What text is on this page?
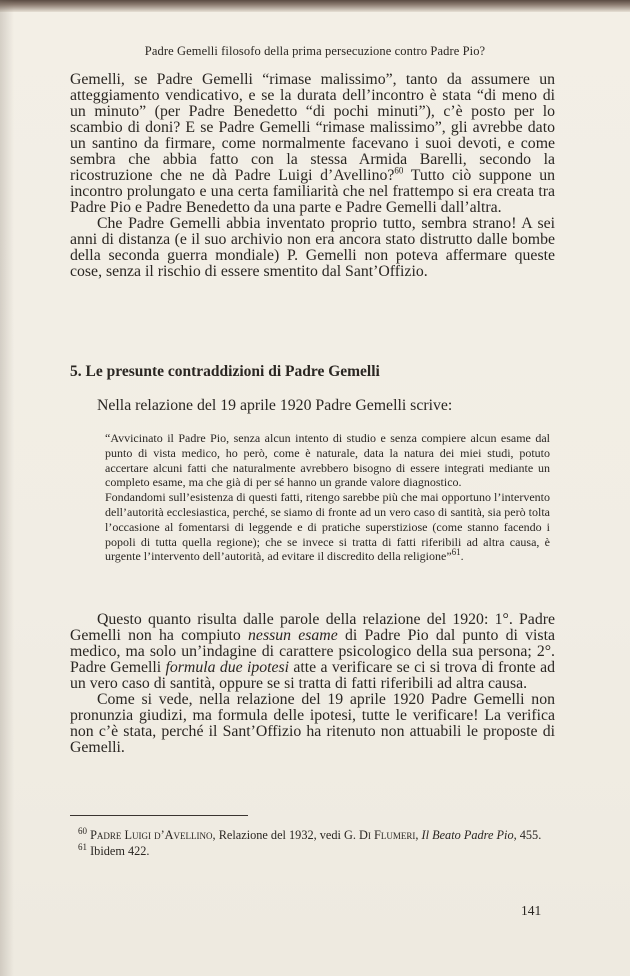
Padre Gemelli filosofo della prima persecuzione contro Padre Pio?

Gemelli, se Padre Gemelli “rimase malissimo”, tanto da assumere un atteggiamento vendicativo, e se la durata dell’incontro è stata “di meno di un minuto” (per Padre Benedetto “di pochi minuti”), c’è posto per lo scambio di doni? E se Padre Gemelli “rimase malissimo”, gli avrebbe dato un santino da firmare, come normalmente facevano i suoi devoti, e come sembra che abbia fatto con la stessa Armida Barelli, secondo la ricostruzione che ne dà Padre Luigi d’Avellino?$^{60}$ Tutto ciò suppone un incontro prolungato e una certa familiarità che nel frattempo si era creata tra Padre Pio e Padre Benedetto da una parte e Padre Gemelli dall’altra.

Che Padre Gemelli abbia inventato proprio tutto, sembra strano! A sei anni di distanza (e il suo archivio non era ancora stato distrutto dalle bombe della seconda guerra mondiale) P. Gemelli non poteva affermare queste cose, senza il rischio di essere smentito dal Sant’Offizio.

5. Le presunte contraddizioni di Padre Gemelli

Nella relazione del 19 aprile 1920 Padre Gemelli scrive:

“Avvicinato il Padre Pio, senza alcun intento di studio e senza compiere alcun esame dal punto di vista medico, ho però, come è naturale, data la natura dei miei studi, potuto accertare alcuni fatti che naturalmente avrebbero bisogno di essere integrati mediante un completo esame, ma che già di per sé hanno un grande valore diagnostico.

Fondandomi sull’esistenza di questi fatti, ritengo sarebbe più che mai opportuno l’intervento dell’autorità ecclesiastica, perché, se siamo di fronte ad un vero caso di santità, sia però tolta l’occasione al fomentarsi di leggende e di pratiche superstiziose (come stanno facendo i popoli di tutta quella regione); che se invece si tratta di fatti riferibili ad altra causa, è urgente l’intervento dell’autorità, ad evitare il discredito della religione”$^{61}$.

Questo quanto risulta dalle parole della relazione del 1920: 1°. Padre Gemelli non ha compiuto nessun esame di Padre Pio dal punto di vista medico, ma solo un’indagine di carattere psicologico della sua persona; 2°. Padre Gemelli formula due ipotesi atte a verificare se ci si trova di fronte ad un vero caso di santità, oppure se si tratta di fatti riferibili ad altra causa.

Come si vede, nella relazione del 19 aprile 1920 Padre Gemelli non pronunzia giudizi, ma formula delle ipotesi, tutte le verificare! La verifica non c’è stata, perché il Sant’Offizio ha ritenuto non attuabili le proposte di Gemelli.

$^{60}$ Padre Luigi d’Avellino, Relazione del 1932, vedi G. Di Flumeri, Il Beato Padre Pio, 455.

$^{61}$ Ibidem 422.

141
